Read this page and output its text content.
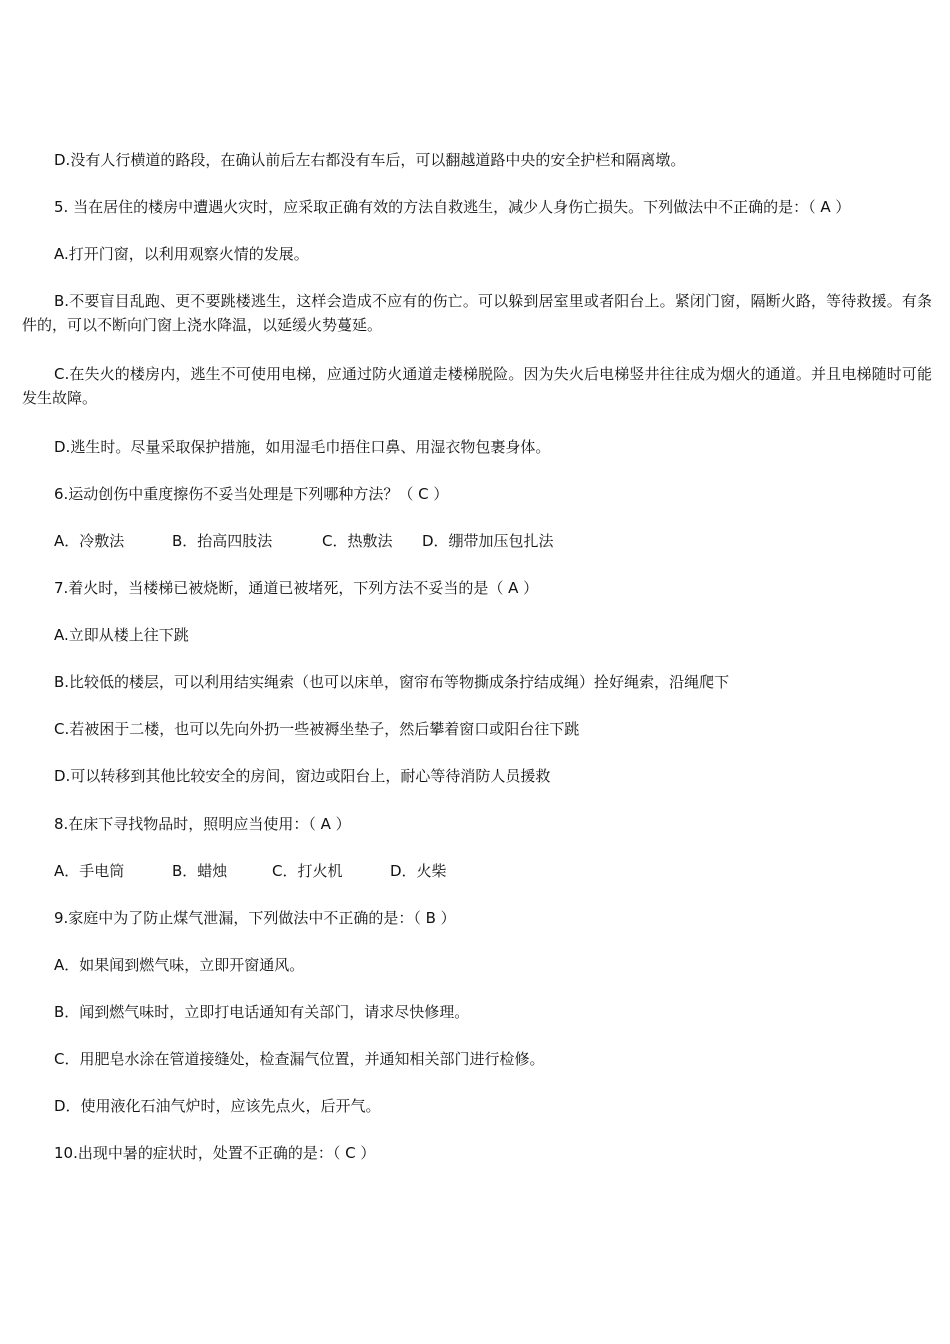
D.没有人行横道的路段，在确认前后左右都没有车后，可以翻越道路中央的安全护栏和隔离墩。
5. 当在居住的楼房中遭遇火灾时，应采取正确有效的方法自救逃生，减少人身伤亡损失。下列做法中不正确的是：（ A ）
A.打开门窗，以利用观察火情的发展。
B.不要盲目乱跑、更不要跳楼逃生，这样会造成不应有的伤亡。可以躲到居室里或者阳台上。紧闭门窗，隔断火路，等待救援。有条件的，可以不断向门窗上浇水降温，以延缓火势蔓延。
C.在失火的楼房内，逃生不可使用电梯，应通过防火通道走楼梯脱险。因为失火后电梯竖井往往成为烟火的通道。并且电梯随时可能发生故障。
D.逃生时。尽量采取保护措施，如用湿毛巾捂住口鼻、用湿衣物包裹身体。
6.运动创伤中重度擦伤不妥当处理是下列哪种方法？（ C ）
A．冷敷法	B．抬高四肢法	C．热敷法 D．绷带加压包扎法
7.着火时，当楼梯已被烧断，通道已被堵死，下列方法不妥当的是（ A ）
A.立即从楼上往下跳
B.比较低的楼层，可以利用结实绳索（也可以床单，窗帘布等物撕成条拧结成绳）拴好绳索，沿绳爬下
C.若被困于二楼，也可以先向外扔一些被褥坐垫子，然后攀着窗口或阳台往下跳
D.可以转移到其他比较安全的房间，窗边或阳台上，耐心等待消防人员援救
8.在床下寻找物品时，照明应当使用：（ A ）
A．手电筒	B．蜡烛	C．打火机	D．火柴
9.家庭中为了防止煤气泄漏，下列做法中不正确的是：（ B ）
A．如果闻到燃气味，立即开窗通风。
B．闻到燃气味时，立即打电话通知有关部门，请求尽快修理。
C．用肥皂水涂在管道接缝处，检查漏气位置，并通知相关部门进行检修。
D．使用液化石油气炉时，应该先点火，后开气。
10.出现中暑的症状时，处置不正确的是：（ C ）
